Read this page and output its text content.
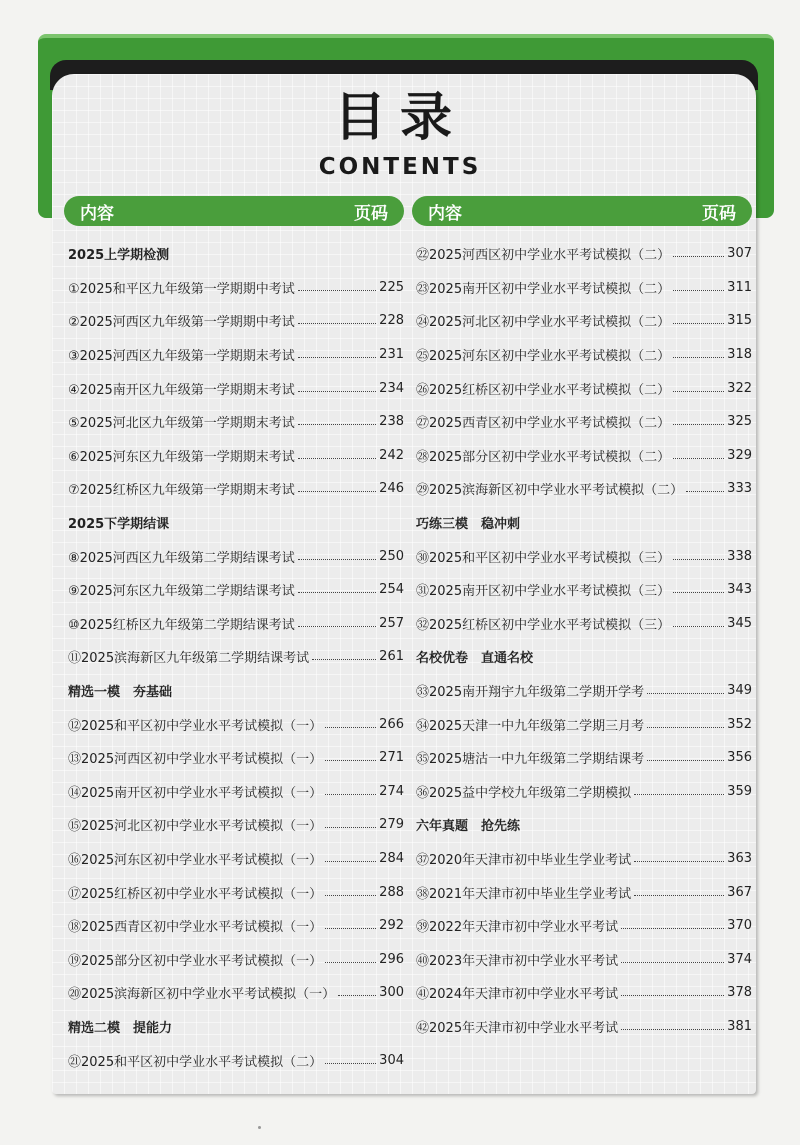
目录
CONTENTS
内容	页码
2025上学期检测
①2025和平区九年级第一学期期中考试	225
②2025河西区九年级第一学期期中考试	228
③2025河西区九年级第一学期期末考试	231
④2025南开区九年级第一学期期末考试	234
⑤2025河北区九年级第一学期期末考试	238
⑥2025河东区九年级第一学期期末考试	242
⑦2025红桥区九年级第一学期期末考试	246
2025下学期结课
⑧2025河西区九年级第二学期结课考试	250
⑨2025河东区九年级第二学期结课考试	254
⑩2025红桥区九年级第二学期结课考试	257
⑪2025滨海新区九年级第二学期结课考试	261
精选一模　夯基础
⑫2025和平区初中学业水平考试模拟（一）	266
⑬2025河西区初中学业水平考试模拟（一）	271
⑭2025南开区初中学业水平考试模拟（一）	274
⑮2025河北区初中学业水平考试模拟（一）	279
⑯2025河东区初中学业水平考试模拟（一）	284
⑰2025红桥区初中学业水平考试模拟（一）	288
⑱2025西青区初中学业水平考试模拟（一）	292
⑲2025部分区初中学业水平考试模拟（一）	296
⑳2025滨海新区初中学业水平考试模拟（一）	300
精选二模　提能力
㉑2025和平区初中学业水平考试模拟（二）	304
内容	页码
㉒2025河西区初中学业水平考试模拟（二）	307
㉓2025南开区初中学业水平考试模拟（二）	311
㉔2025河北区初中学业水平考试模拟（二）	315
㉕2025河东区初中学业水平考试模拟（二）	318
㉖2025红桥区初中学业水平考试模拟（二）	322
㉗2025西青区初中学业水平考试模拟（二）	325
㉘2025部分区初中学业水平考试模拟（二）	329
㉙2025滨海新区初中学业水平考试模拟（二）	333
巧练三模　稳冲刺
㉚2025和平区初中学业水平考试模拟（三）	338
㉛2025南开区初中学业水平考试模拟（三）	343
㉜2025红桥区初中学业水平考试模拟（三）	345
名校优卷　直通名校
㉝2025南开翔宇九年级第二学期开学考	349
㉞2025天津一中九年级第二学期三月考	352
㉟2025塘沽一中九年级第二学期结课考	356
㊱2025益中学校九年级第二学期模拟	359
六年真题　抢先练
㊲2020年天津市初中毕业生学业考试	363
㊳2021年天津市初中毕业生学业考试	367
㊴2022年天津市初中学业水平考试	370
㊵2023年天津市初中学业水平考试	374
㊶2024年天津市初中学业水平考试	378
㊷2025年天津市初中学业水平考试	381
